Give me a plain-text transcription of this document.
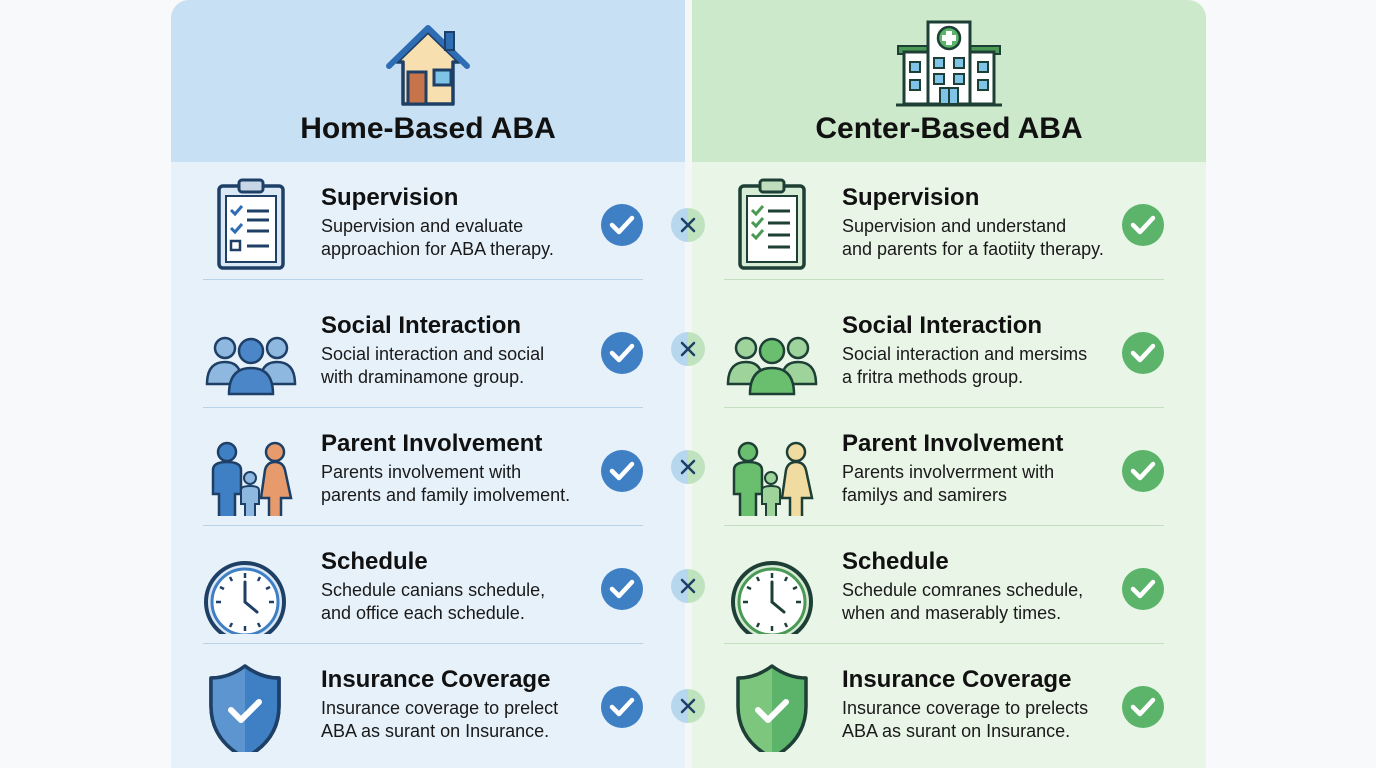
Home-Based ABA
Supervision
Supervision and evaluate
approachion for ABA therapy.
Social Interaction
Social interaction and social
with draminamone group.
Parent Involvement
Parents involvement with
parents and family imolvement.
Schedule
Schedule canians schedule,
and office each schedule.
Insurance Coverage
Insurance coverage to prelect
ABA as surant on Insurance.
Center-Based ABA
Supervision
Supervision and understand
and parents for a faotiity therapy.
Social Interaction
Social interaction and mersims
a fritra methods group.
Parent Involvement
Parents involverrment with
familys and samirers
Schedule
Schedule comranes schedule,
when and maserably times.
Insurance Coverage
Insurance coverage to prelects
ABA as surant on Insurance.
